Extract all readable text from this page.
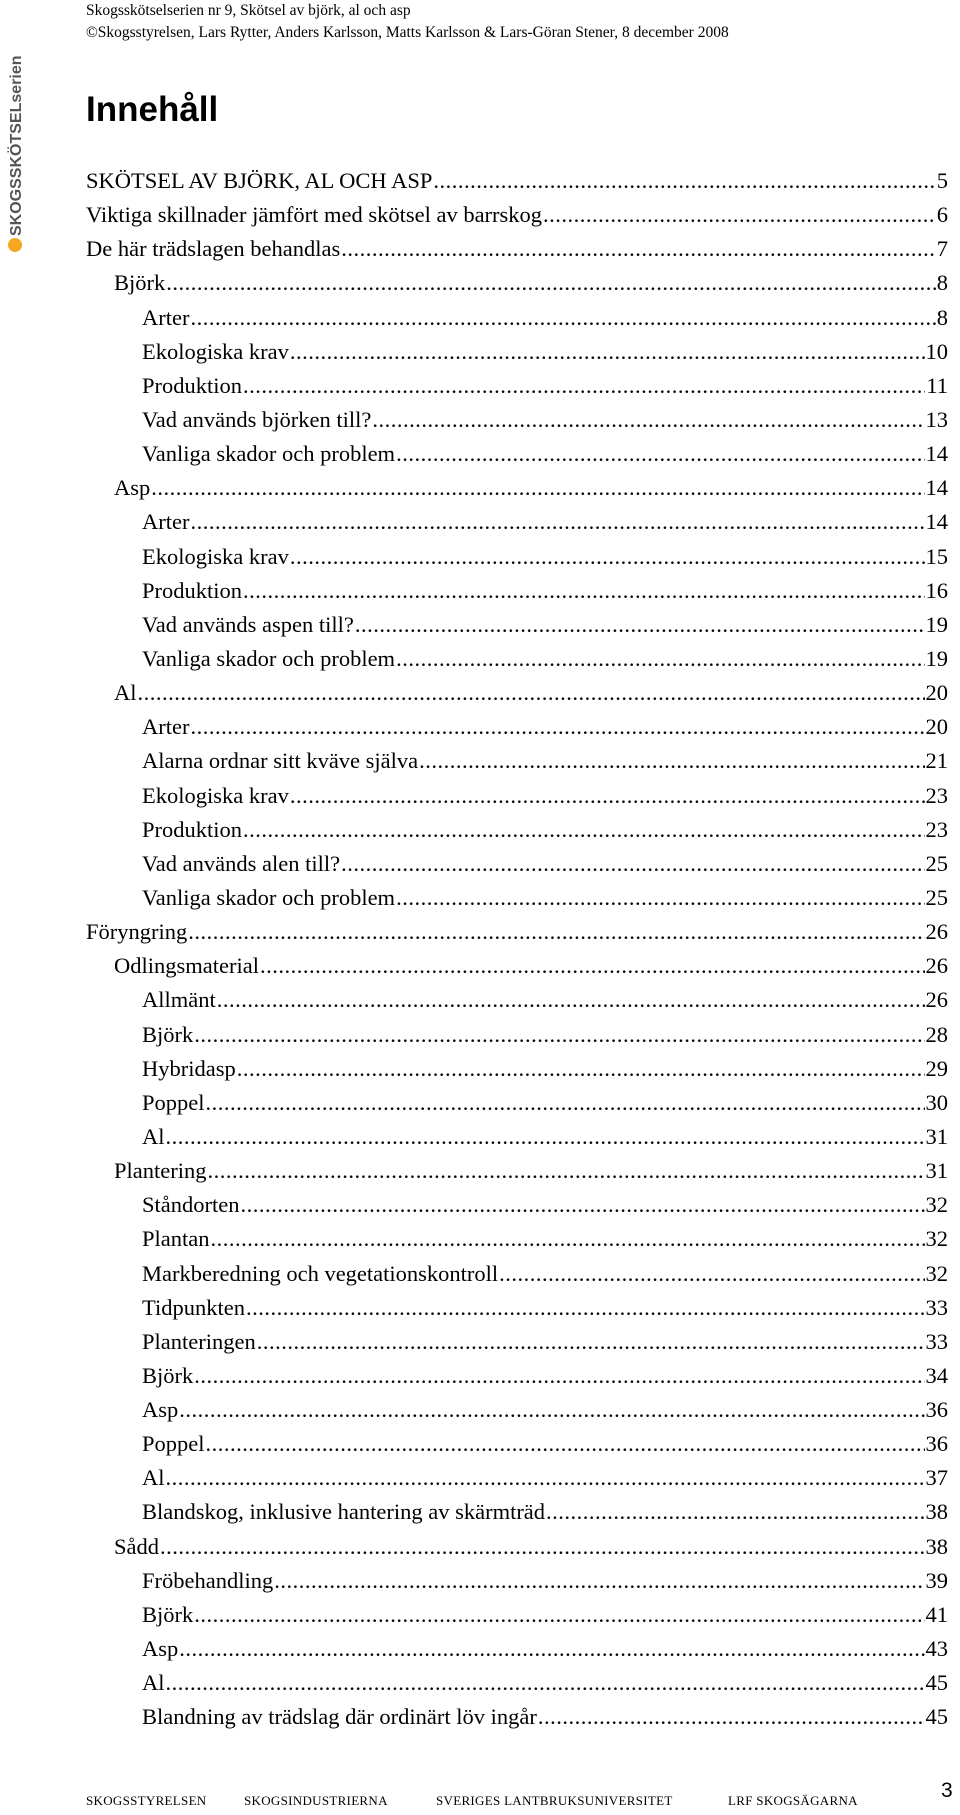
Skogsskötselserien nr 9, Skötsel av björk, al och asp
©Skogsstyrelsen, Lars Rytter, Anders Karlsson, Matts Karlsson & Lars-Göran Stener, 8 december 2008
SKOGSSKÖTSELserien Innehåll
SKÖTSEL AV BJÖRK, AL OCH ASP .....	5
Viktiga skillnader jämfört med skötsel av barrskog .....	6
De här trädslagen behandlas .....	7
Björk .....	8
Arter .....	8
Ekologiska krav .....	10
Produktion .....	11
Vad används björken till? .....	13
Vanliga skador och problem .....	14
Asp .....	14
Arter .....	14
Ekologiska krav .....	15
Produktion .....	16
Vad används aspen till? .....	19
Vanliga skador och problem .....	19
Al .....	20
Arter .....	20
Alarna ordnar sitt kväve själva .....	21
Ekologiska krav .....	23
Produktion .....	23
Vad används alen till? .....	25
Vanliga skador och problem .....	25
Föryngring .....	26
Odlingsmaterial .....	26
Allmänt .....	26
Björk .....	28
Hybridasp .....	29
Poppel .....	30
Al .....	31
Plantering .....	31
Ståndorten .....	32
Plantan .....	32
Markberedning och vegetationskontroll .....	32
Tidpunkten .....	33
Planteringen .....	33
Björk .....	34
Asp .....	36
Poppel .....	36
Al .....	37
Blandskog, inklusive hantering av skärmträd .....	38
Sådd .....	38
Fröbehandling .....	39
Björk .....	41
Asp .....	43
Al .....	45
Blandning av trädslag där ordinärt löv ingår .....	45
SKOGSSTYRELSEN	SKOGSINDUSTRIERNA	SVERIGES LANTBRUKSUNIVERSITET	LRF SKOGSÄGARNA	3
